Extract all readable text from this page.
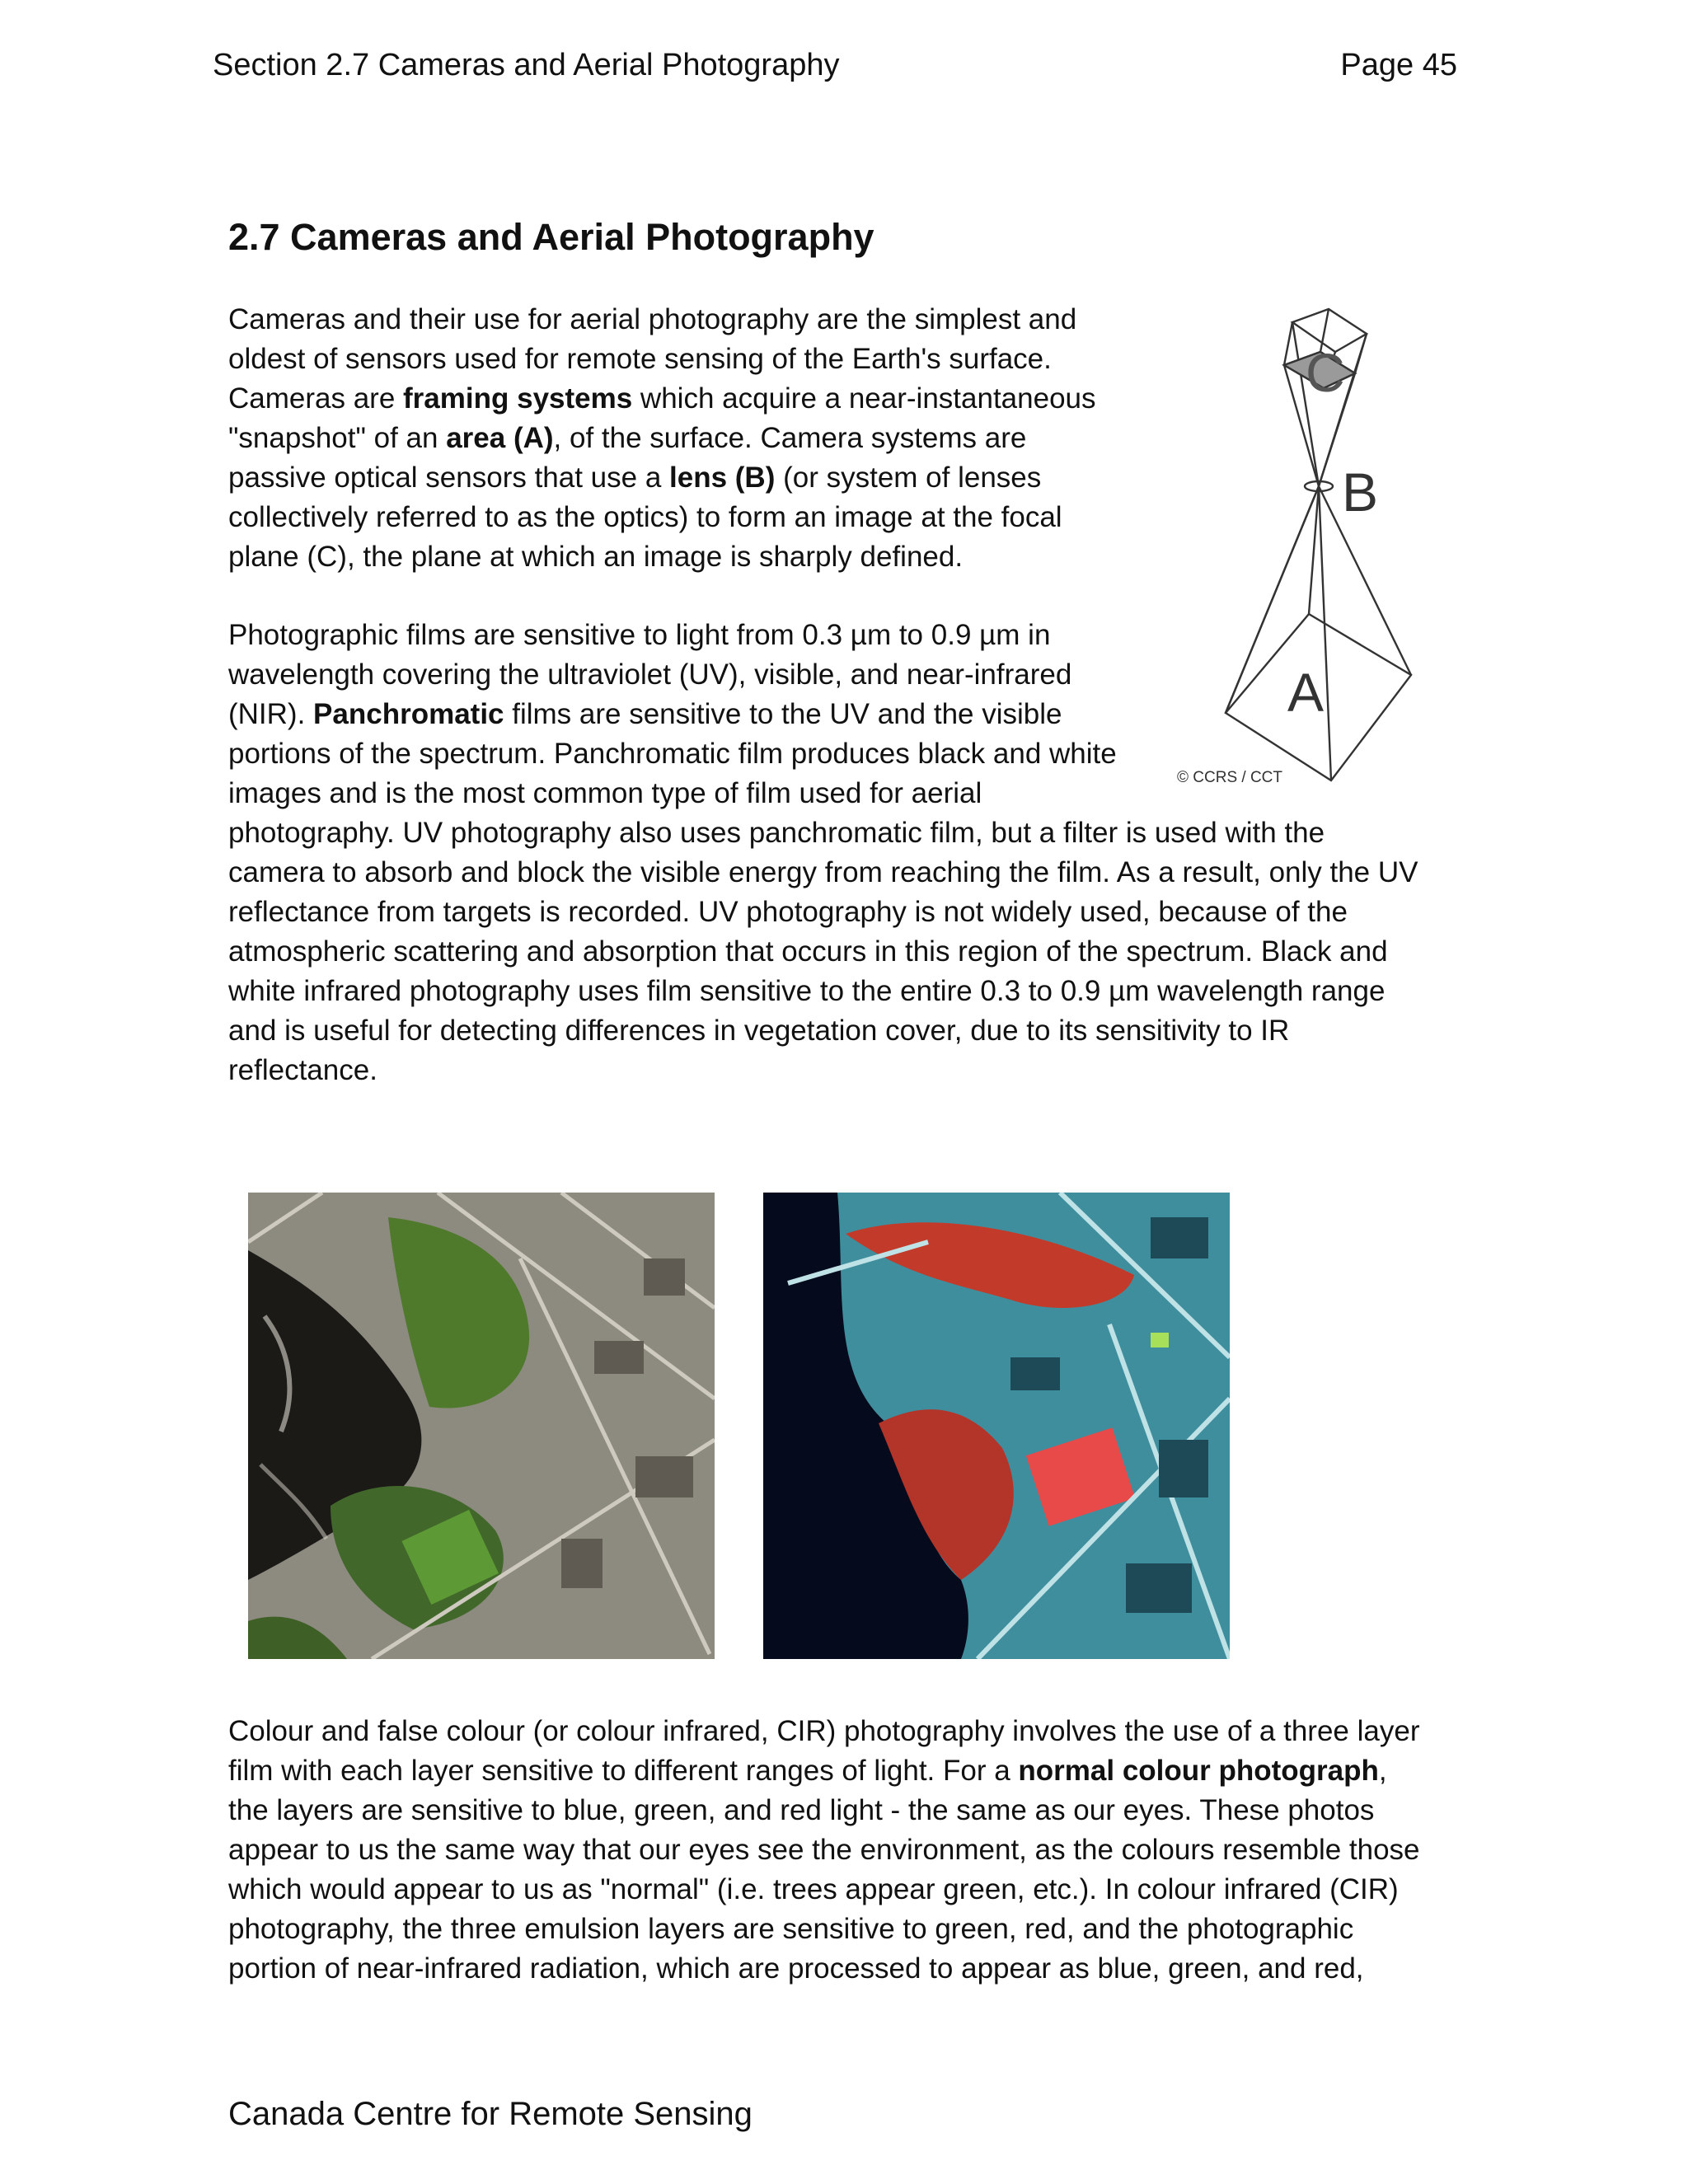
Section 2.7 Cameras and Aerial Photography	Page 45
2.7 Cameras and Aerial Photography

Cameras and their use for aerial photography are the simplest and
oldest of sensors used for remote sensing of the Earth's surface.
Cameras are framing systems which acquire a near-instantaneous
"snapshot" of an area (A), of the surface. Camera systems are
passive optical sensors that use a lens (B) (or system of lenses
collectively referred to as the optics) to form an image at the focal
plane (C), the plane at which an image is sharply defined.

C
B
A
© CCRS / CCT

Photographic films are sensitive to light from 0.3 µm to 0.9 µm in
wavelength covering the ultraviolet (UV), visible, and near-infrared
(NIR). Panchromatic films are sensitive to the UV and the visible
portions of the spectrum. Panchromatic film produces black and white
images and is the most common type of film used for aerial
photography. UV photography also uses panchromatic film, but a filter is used with the
camera to absorb and block the visible energy from reaching the film. As a result, only the UV
reflectance from targets is recorded. UV photography is not widely used, because of the
atmospheric scattering and absorption that occurs in this region of the spectrum. Black and
white infrared photography uses film sensitive to the entire 0.3 to 0.9 µm wavelength range
and is useful for detecting differences in vegetation cover, due to its sensitivity to IR
reflectance.

Colour and false colour (or colour infrared, CIR) photography involves the use of a three layer
film with each layer sensitive to different ranges of light. For a normal colour photograph,
the layers are sensitive to blue, green, and red light - the same as our eyes. These photos
appear to us the same way that our eyes see the environment, as the colours resemble those
which would appear to us as "normal" (i.e. trees appear green, etc.). In colour infrared (CIR)
photography, the three emulsion layers are sensitive to green, red, and the photographic
portion of near-infrared radiation, which are processed to appear as blue, green, and red,

Canada Centre for Remote Sensing
